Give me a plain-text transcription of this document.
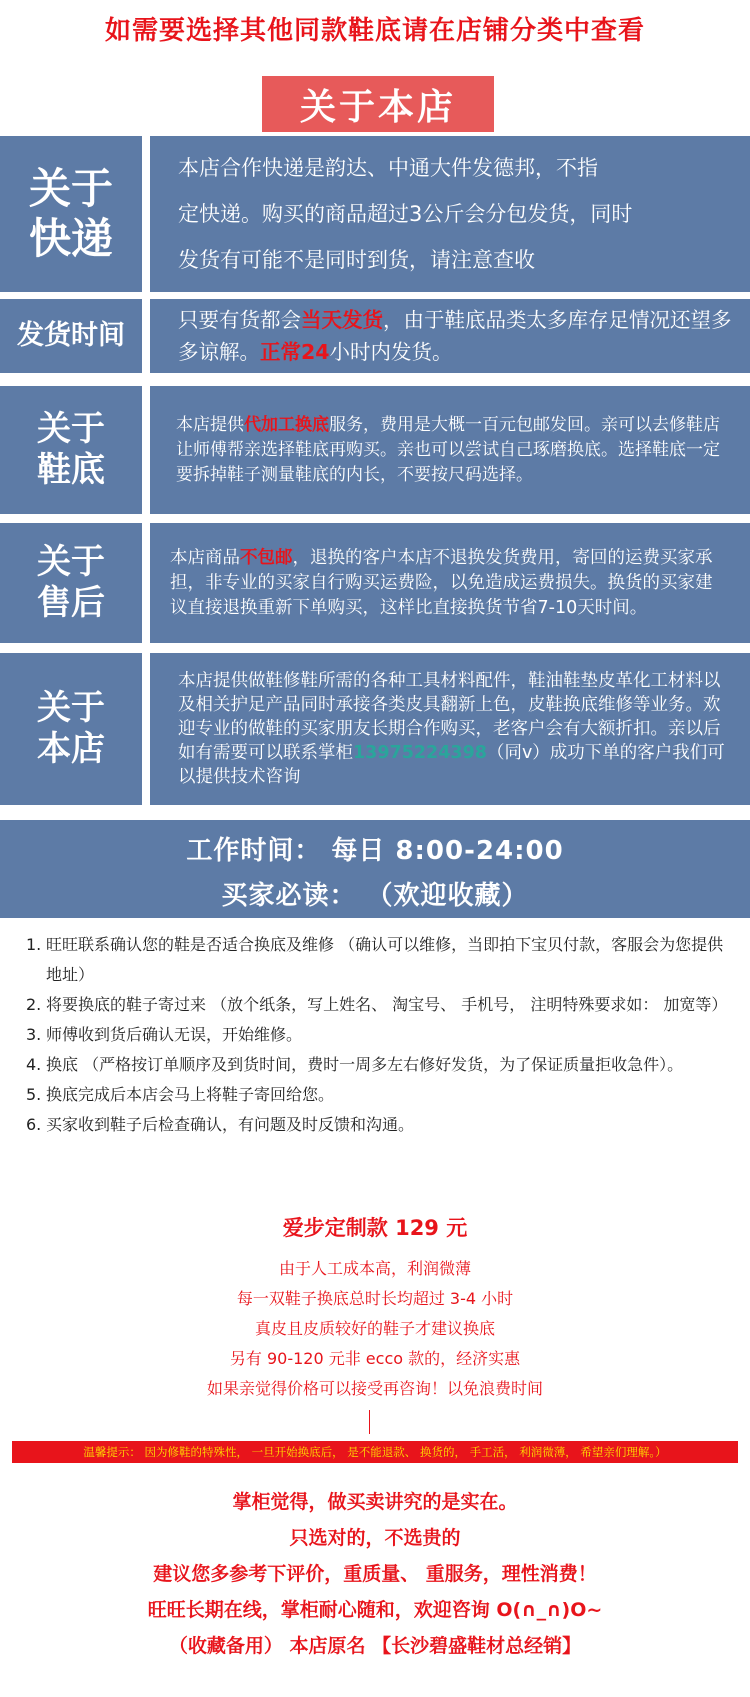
如需要选择其他同款鞋底请在店铺分类中查看
关于本店
关于
快递
本店合作快递是韵达、中通大件发德邦，不指
定快递。购买的商品超过3公斤会分包发货，同时
发货有可能不是同时到货，请注意查收
发货时间	只要有货都会当天发货，由于鞋底品类太多库存足情况还望多多谅解。正常24小时内发货。

关于
鞋底

本店提供代加工换底服务，费用是大概一百元包邮发回。亲可以去修鞋店让师傅帮亲选择鞋底再购买。亲也可以尝试自己琢磨换底。选择鞋底一定要拆掉鞋子测量鞋底的内长，不要按尺码选择。

关于
售后

本店商品不包邮，退换的客户本店不退换发货费用，寄回的运费买家承担，非专业的买家自行购买运费险，以免造成运费损失。换货的买家建议直接退换重新下单购买，这样比直接换货节省7-10天时间。

关于
本店

本店提供做鞋修鞋所需的各种工具材料配件，鞋油鞋垫皮革化工材料以及相关护足产品同时承接各类皮具翻新上色，皮鞋换底维修等业务。欢迎专业的做鞋的买家朋友长期合作购买，老客户会有大额折扣。亲以后如有需要可以联系掌柜13975224398（同v）成功下单的客户我们可以提供技术咨询

工作时间： 每日 8:00-24:00
买家必读： （欢迎收藏）
1. 旺旺联系确认您的鞋是否适合换底及维修 （确认可以维修，当即拍下宝贝付款，客服会为您提供地址）
2. 将要换底的鞋子寄过来 （放个纸条，写上姓名、 淘宝号、 手机号， 注明特殊要求如： 加宽等）
3. 师傅收到货后确认无误，开始维修。
4. 换底 （严格按订单顺序及到货时间，费时一周多左右修好发货，为了保证质量拒收急件）。
5. 换底完成后本店会马上将鞋子寄回给您。
6. 买家收到鞋子后检查确认，有问题及时反馈和沟通。
爱步定制款 129 元
由于人工成本高，利润微薄
每一双鞋子换底总时长均超过 3-4 小时
真皮且皮质较好的鞋子才建议换底
另有 90-120 元非 ecco 款的，经济实惠
如果亲觉得价格可以接受再咨询！以免浪费时间
温馨提示： 因为修鞋的特殊性， 一旦开始换底后， 是不能退款、 换货的， 手工活， 利润微薄， 希望亲们理解。）
掌柜觉得，做买卖讲究的是实在。
只选对的，不选贵的
建议您多参考下评价，重质量、 重服务，理性消费！
旺旺长期在线，掌柜耐心随和，欢迎咨询 O(∩_∩)O~
（收藏备用） 本店原名 【长沙碧盛鞋材总经销】
